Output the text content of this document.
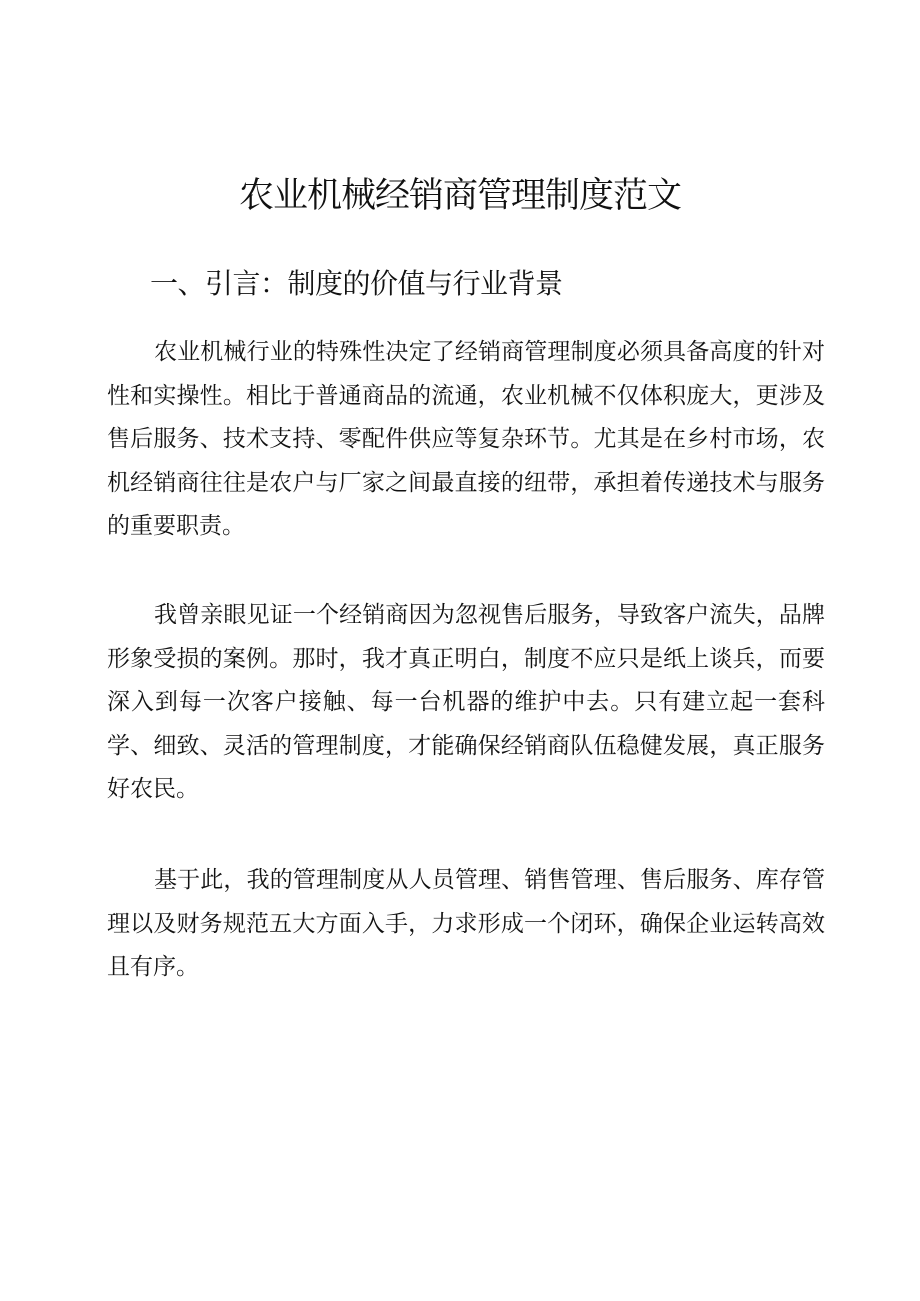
农业机械经销商管理制度范文
一、引言：制度的价值与行业背景

农业机械行业的特殊性决定了经销商管理制度必须具备高度的针对性和实操性。相比于普通商品的流通，农业机械不仅体积庞大，更涉及售后服务、技术支持、零配件供应等复杂环节。尤其是在乡村市场，农机经销商往往是农户与厂家之间最直接的纽带，承担着传递技术与服务的重要职责。

我曾亲眼见证一个经销商因为忽视售后服务，导致客户流失，品牌形象受损的案例。那时，我才真正明白，制度不应只是纸上谈兵，而要深入到每一次客户接触、每一台机器的维护中去。只有建立起一套科学、细致、灵活的管理制度，才能确保经销商队伍稳健发展，真正服务好农民。

基于此，我的管理制度从人员管理、销售管理、售后服务、库存管理以及财务规范五大方面入手，力求形成一个闭环，确保企业运转高效且有序。
